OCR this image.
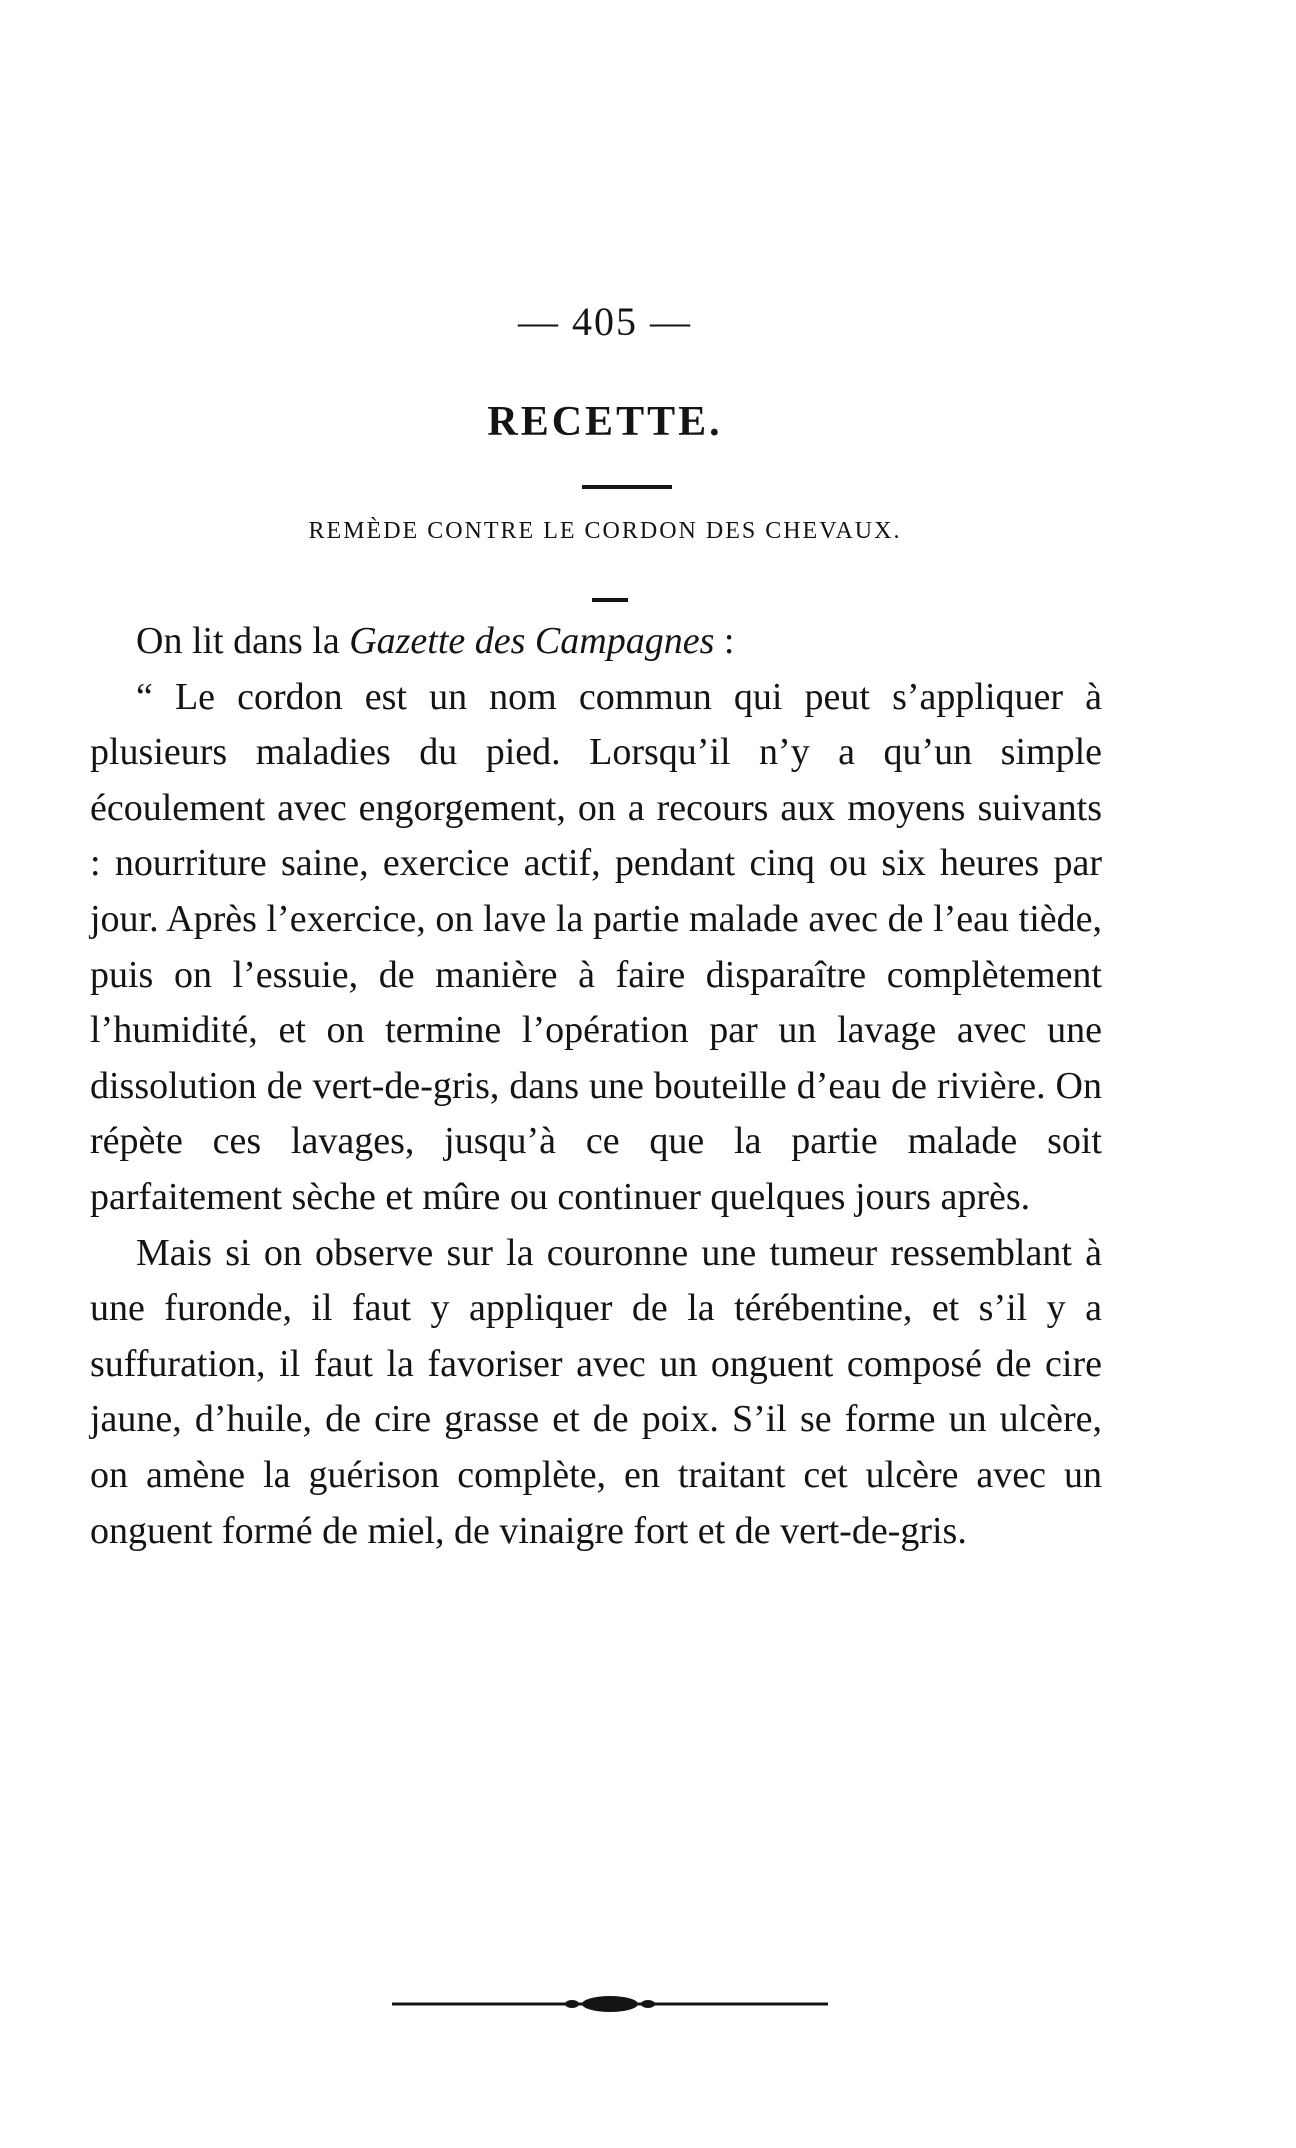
— 405 —
RECETTE.
REMÈDE CONTRE LE CORDON DES CHEVAUX.
On lit dans la Gazette des Campagnes :

“ Le cordon est un nom commun qui peut s’appliquer à plusieurs maladies du pied. Lorsqu’il n’y a qu’un simple écoulement avec engorgement, on a recours aux moyens suivants : nourriture saine, exercice actif, pendant cinq ou six heures par jour. Après l’exercice, on lave la partie malade avec de l’eau tiède, puis on l’essuie, de manière à faire disparaître complètement l’humidité, et on termine l’opération par un lavage avec une dissolution de vert-de-gris, dans une bouteille d’eau de rivière. On répète ces lavages, jusqu’à ce que la partie malade soit parfaitement sèche et mûre ou continuer quelques jours après.

Mais si on observe sur la couronne une tumeur ressemblant à une furonde, il faut y appliquer de la térébentine, et s’il y a suffuration, il faut la favoriser avec un onguent composé de cire jaune, d’huile, de cire grasse et de poix. S’il se forme un ulcère, on amène la guérison complète, en traitant cet ulcère avec un onguent formé de miel, de vinaigre fort et de vert-de-gris.
